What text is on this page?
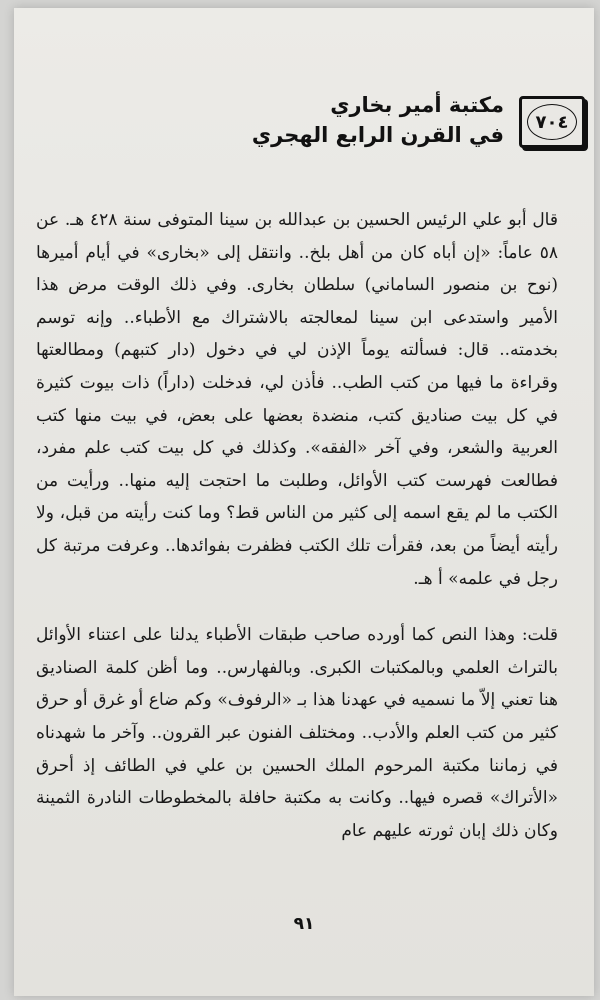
مكتبة أمير بخاري
في القرن الرابع الهجري
٧٠٤

قال أبو علي الرئيس الحسين بن عبدالله بن سينا المتوفى سنة ٤٢٨ هـ. عن ٥٨ عاماً: «إن أباه كان من أهل بلخ.. وانتقل إلى «بخارى» في أيام أميرها (نوح بن منصور الساماني) سلطان بخارى. وفي ذلك الوقت مرض هذا الأمير واستدعى ابن سينا لمعالجته بالاشتراك مع الأطباء.. وإنه توسم بخدمته.. قال: فسألته يوماً الإذن لي في دخول (دار كتبهم) ومطالعتها وقراءة ما فيها من كتب الطب.. فأذن لي، فدخلت (داراً) ذات بيوت كثيرة في كل بيت صناديق كتب، منضدة بعضها على بعض، في بيت منها كتب العربية والشعر، وفي آخر «الفقه». وكذلك في كل بيت كتب علم مفرد، فطالعت فهرست كتب الأوائل، وطلبت ما احتجت إليه منها.. ورأيت من الكتب ما لم يقع اسمه إلى كثير من الناس قط؟ وما كنت رأيته من قبل، ولا رأيته أيضاً من بعد، فقرأت تلك الكتب فظفرت بفوائدها.. وعرفت مرتبة كل رجل في علمه» أ هـ.

قلت: وهذا النص كما أورده صاحب طبقات الأطباء يدلنا على اعتناء الأوائل بالتراث العلمي وبالمكتبات الكبرى. وبالفهارس.. وما أظن كلمة الصناديق هنا تعني إلاّ ما نسميه في عهدنا هذا بـ «الرفوف» وكم ضاع أو غرق أو حرق كثير من كتب العلم والأدب.. ومختلف الفنون عبر القرون.. وآخر ما شهدناه في زماننا مكتبة المرحوم الملك الحسين بن علي في الطائف إذ أحرق «الأتراك» قصره فيها.. وكانت به مكتبة حافلة بالمخطوطات النادرة الثمينة وكان ذلك إبان ثورته عليهم عام

٩١
